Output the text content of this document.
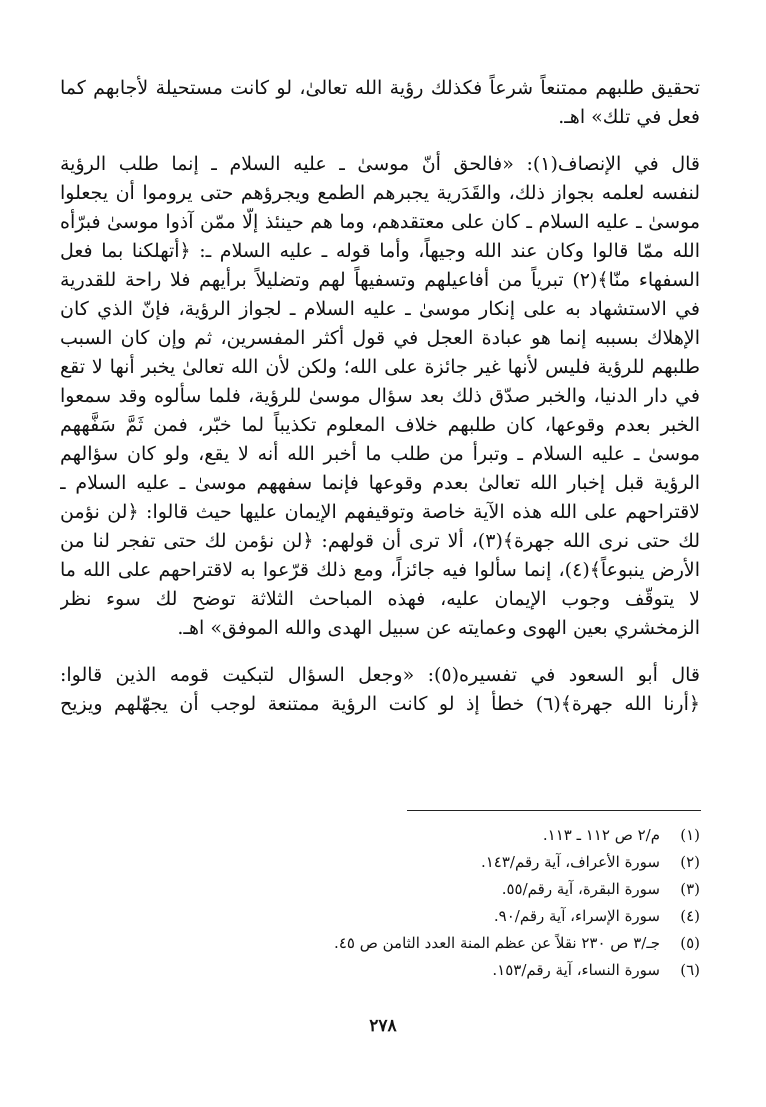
تحقيق طلبهم ممتنعاً شرعاً فكذلك رؤية الله تعالىٰ، لو كانت مستحيلة لأجابهم كما
فعل في تلك» اهـ.
قال في الإنصاف(١): «فالحق أنّ موسىٰ ـ عليه السلام ـ إنما طلب الرؤية
لنفسه لعلمه بجواز ذلك، والقَدَرية يجبرهم الطمع ويجرؤهم حتى يروموا أن يجعلوا
موسىٰ ـ عليه السلام ـ كان على معتقدهم، وما هم حينئذ إلَّا ممّن آذوا موسىٰ فبرّأه
الله ممّا قالوا وكان عند الله وجيهاً، وأما قوله ـ عليه السلام ـ: ﴿أتهلكنا بما فعل
السفهاء منّا﴾(٢) تبرياً من أفاعيلهم وتسفيهاً لهم وتضليلاً برأيهم فلا راحة للقدرية
في الاستشهاد به على إنكار موسىٰ ـ عليه السلام ـ لجواز الرؤية، فإنّ الذي كان
الإهلاك بسببه إنما هو عبادة العجل في قول أكثر المفسرين، ثم وإن كان السبب
طلبهم للرؤية فليس لأنها غير جائزة على الله؛ ولكن لأن الله تعالىٰ يخبر أنها لا تقع
في دار الدنيا، والخبر صدّق ذلك بعد سؤال موسىٰ للرؤية، فلما سألوه وقد سمعوا
الخبر بعدم وقوعها، كان طلبهم خلاف المعلوم تكذيباً لما خبّر، فمن ثَمَّ سَفَّههم
موسىٰ ـ عليه السلام ـ وتبرأ من طلب ما أخبر الله أنه لا يقع، ولو كان سؤالهم
الرؤية قبل إخبار الله تعالىٰ بعدم وقوعها فإنما سفههم موسىٰ ـ عليه السلام ـ
لاقتراحهم على الله هذه الآية خاصة وتوقيفهم الإيمان عليها حيث قالوا: ﴿لن نؤمن
لك حتى نرى الله جهرة﴾(٣)، ألا ترى أن قولهم: ﴿لن نؤمن لك حتى تفجر لنا من
الأرض ينبوعاً﴾(٤)، إنما سألوا فيه جائزاً، ومع ذلك قرّعوا به لاقتراحهم على الله ما
لا يتوقّف وجوب الإيمان عليه، فهذه المباحث الثلاثة توضح لك سوء نظر
الزمخشري بعين الهوى وعمايته عن سبيل الهدى والله الموفق» اهـ.
قال أبو السعود في تفسيره(٥): «وجعل السؤال لتبكيت قومه الذين قالوا:
﴿أرنا الله جهرة﴾(٦) خطأ إذ لو كانت الرؤية ممتنعة لوجب أن يجهّلهم ويزيح
(١)
م/٢ ص ١١٢ ـ ١١٣.
(٢)
سورة الأعراف، آية رقم/١٤٣.
(٣)
سورة البقرة، آية رقم/٥٥.
(٤)
سورة الإسراء، آية رقم/٩٠.
(٥)
جـ/٣ ص ٢٣٠ نقلاً عن عظم المنة العدد الثامن ص ٤٥.
(٦)
سورة النساء، آية رقم/١٥٣.
٢٧٨
